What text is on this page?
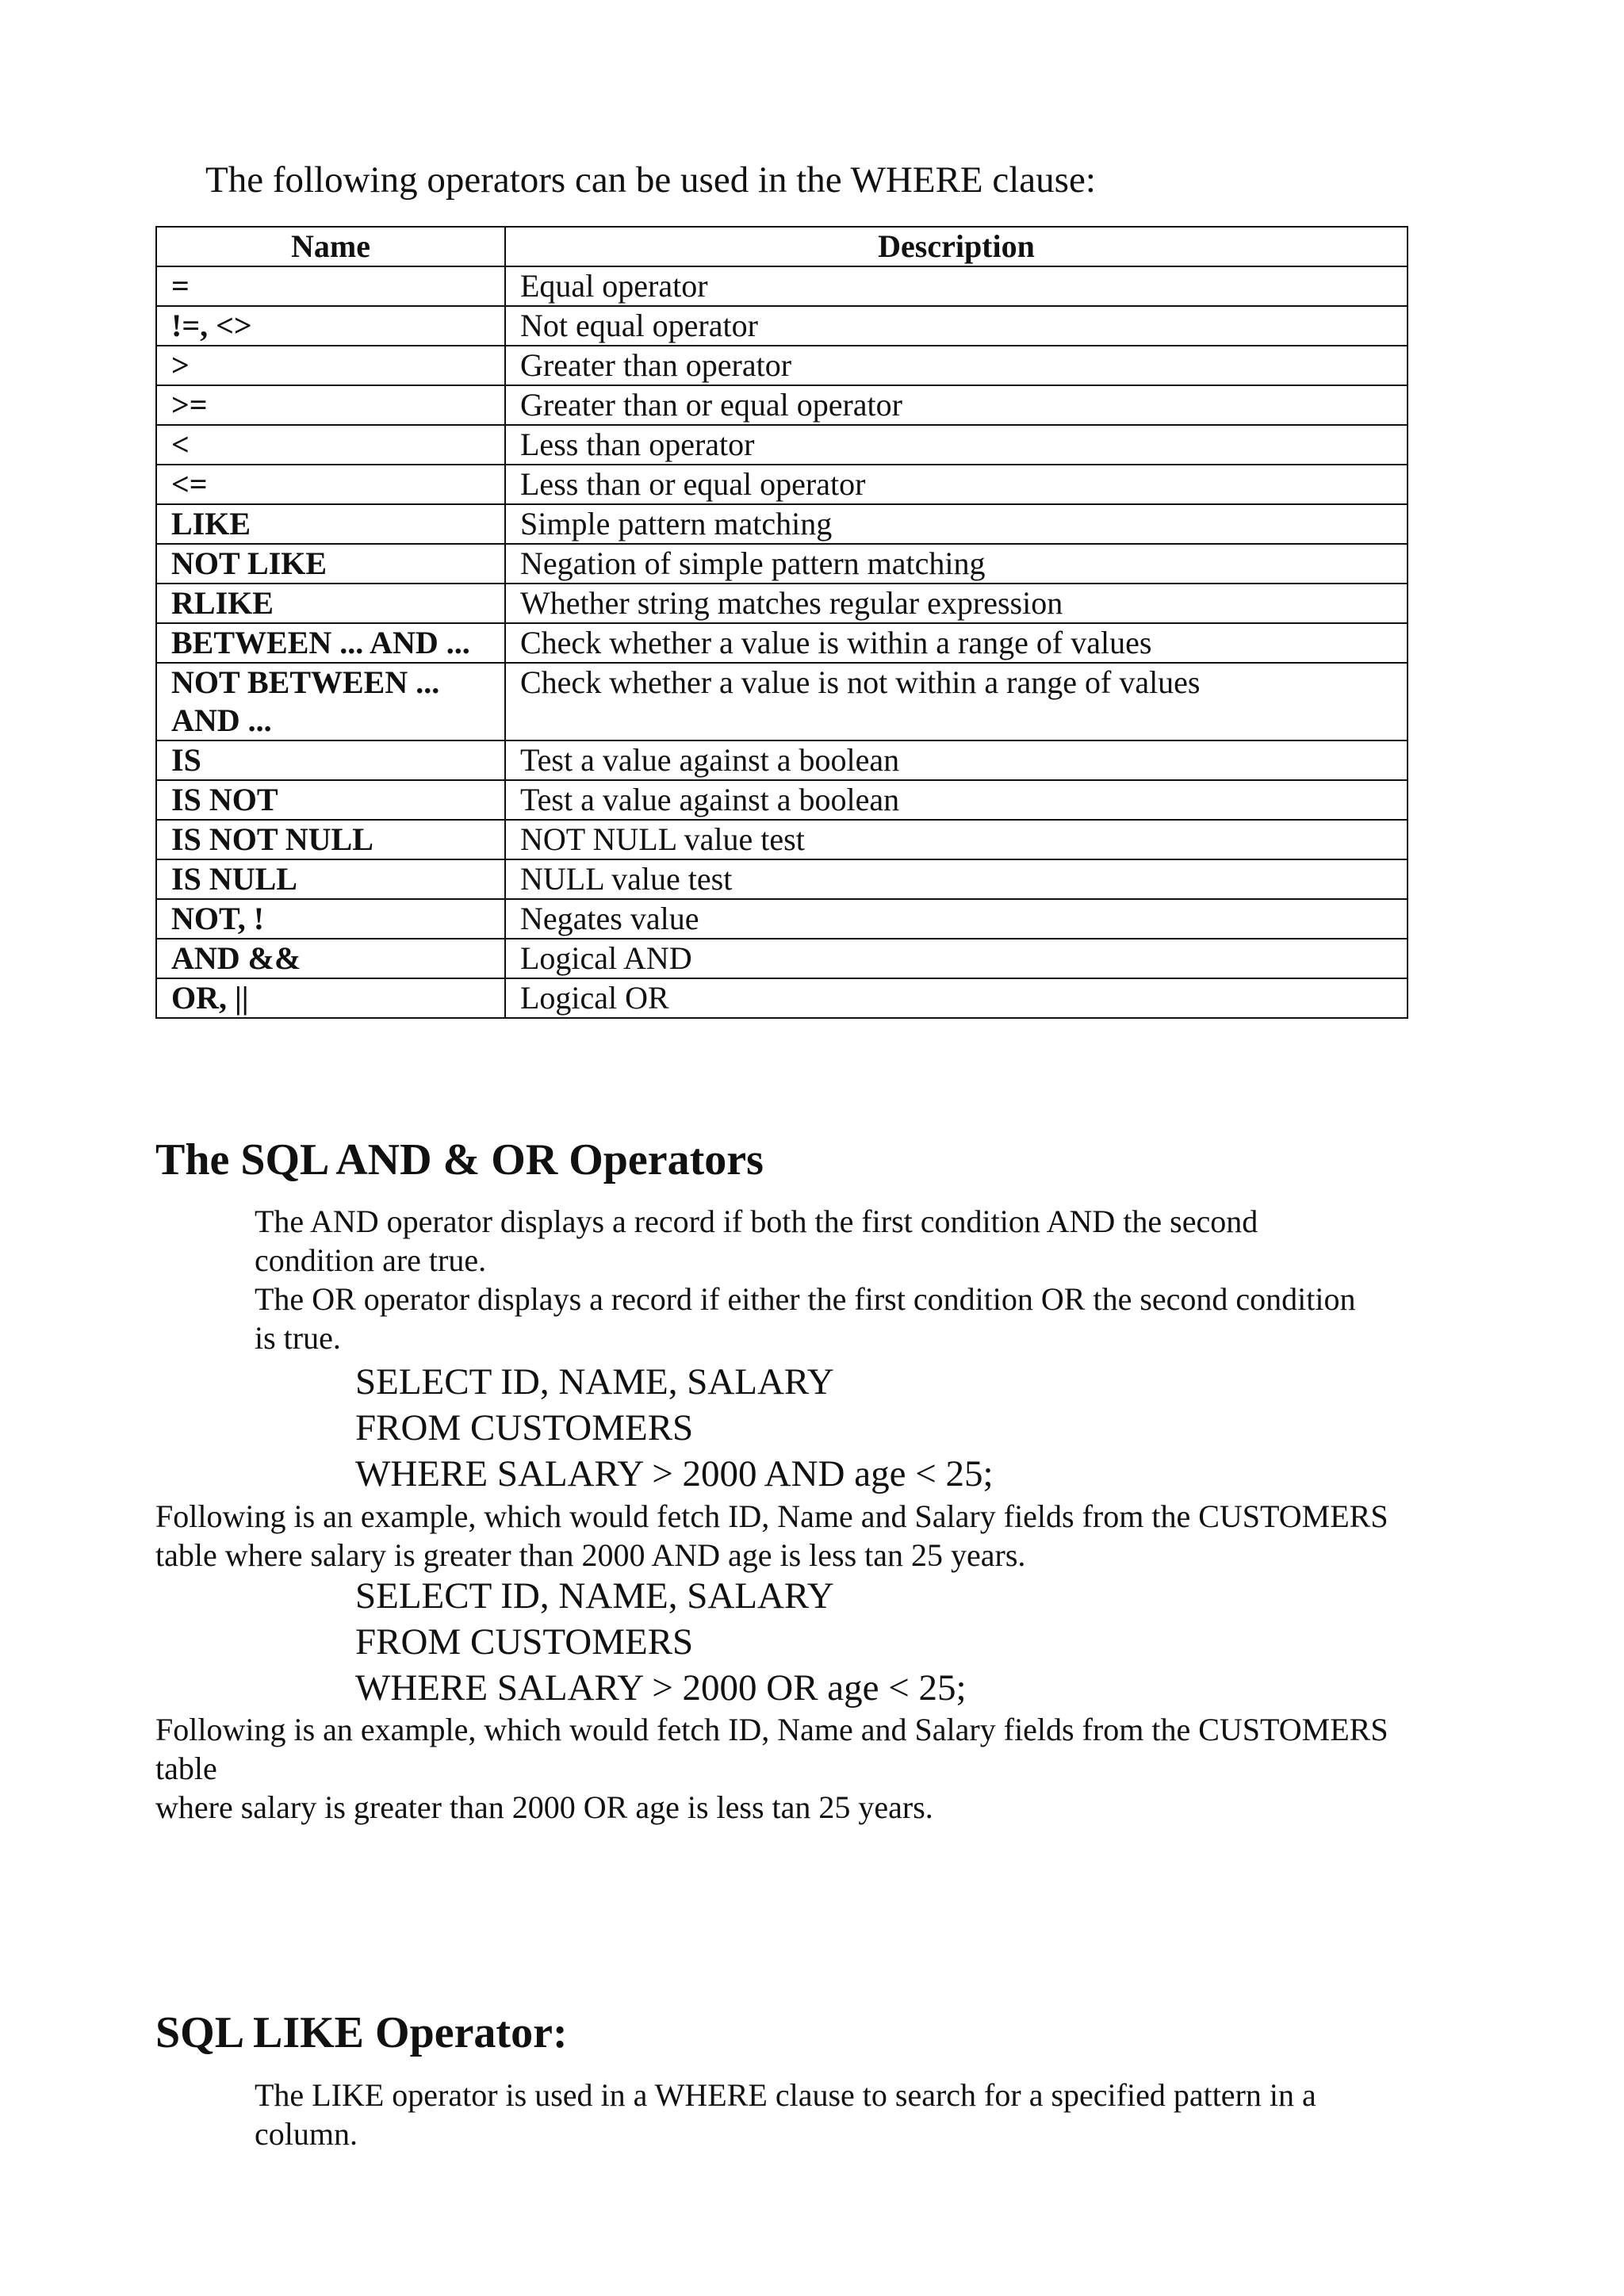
The following operators can be used in the WHERE clause:
Name	Description
=	Equal operator
!=, <>	Not equal operator
>	Greater than operator
>=	Greater than or equal operator
<	Less than operator
<=	Less than or equal operator
LIKE	Simple pattern matching
NOT LIKE	Negation of simple pattern matching
RLIKE	Whether string matches regular expression
BETWEEN ... AND ...	Check whether a value is within a range of values
NOT BETWEEN ... AND ...	Check whether a value is not within a range of values
IS	Test a value against a boolean
IS NOT	Test a value against a boolean
IS NOT NULL	NOT NULL value test
IS NULL	NULL value test
NOT, !	Negates value
AND &&	Logical AND
OR, ||	Logical OR
The SQL AND & OR Operators
The AND operator displays a record if both the first condition AND the second
condition are true.
The OR operator displays a record if either the first condition OR the second condition
is true.
SELECT ID, NAME, SALARY
FROM CUSTOMERS
WHERE SALARY > 2000 AND age < 25;
Following is an example, which would fetch ID, Name and Salary fields from the CUSTOMERS
table where salary is greater than 2000 AND age is less tan 25 years.
SELECT ID, NAME, SALARY
FROM CUSTOMERS
WHERE SALARY > 2000 OR age < 25;
Following is an example, which would fetch ID, Name and Salary fields from the CUSTOMERS
table
where salary is greater than 2000 OR age is less tan 25 years.
SQL LIKE Operator:
The LIKE operator is used in a WHERE clause to search for a specified pattern in a
column.
